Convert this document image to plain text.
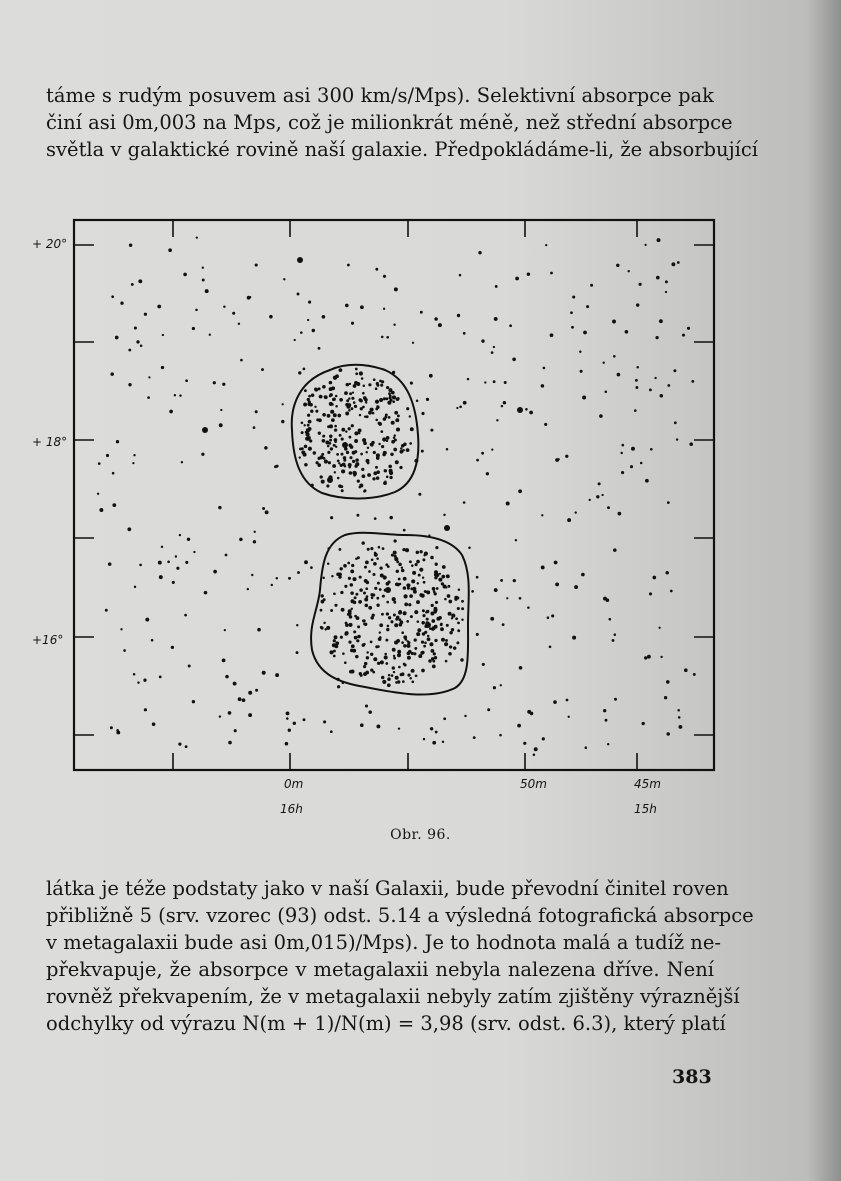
táme s rudým posuvem asi 300 km/s/Mps). Selektivní absorpce pak
činí asi 0m,003 na Mps, což je milionkrát méně, než střední absorpce
světla v galaktické rovině naší galaxie. Předpokládáme-li, že absorbující
+ 20°
+ 18°
+16°
0m
16h
50m	45m
15h
Obr. 96.
látka je téže podstaty jako v naší Galaxii, bude převodní činitel roven
přibližně 5 (srv. vzorec (93) odst. 5.14 a výsledná fotografická absorpce
v metagalaxii bude asi 0m,015)/Mps). Je to hodnota malá a tudíž ne-
překvapuje, že absorpce v metagalaxii nebyla nalezena dříve. Není
rovněž překvapením, že v metagalaxii nebyly zatím zjištěny výraznější
odchylky od výrazu N(m + 1)/N(m) = 3,98 (srv. odst. 6.3), který platí
383
